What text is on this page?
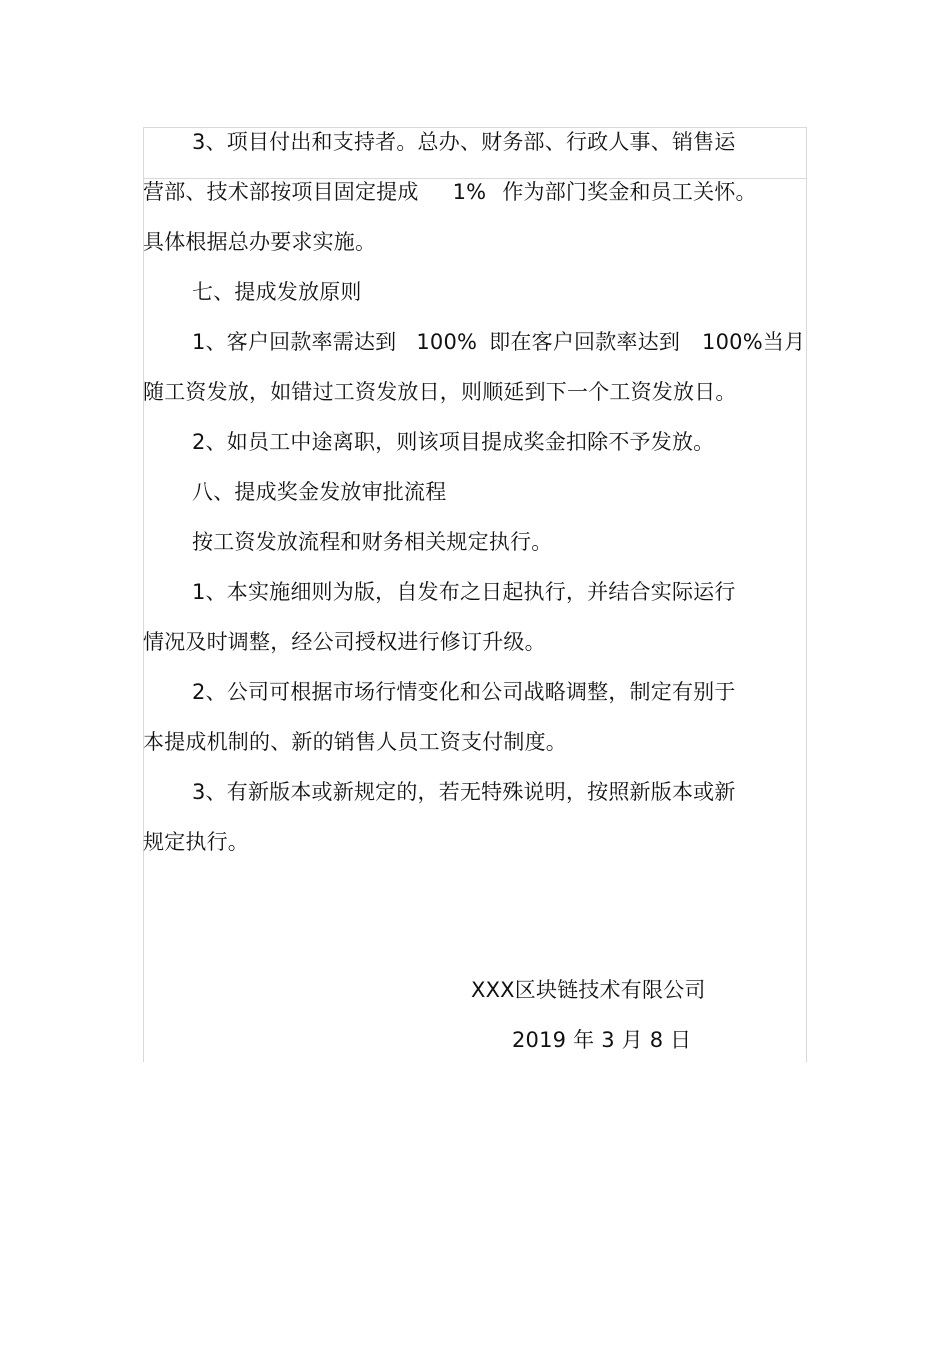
3、项目付出和支持者。总办、财务部、行政人事、销售运
营部、技术部按项目固定提成 1% 作为部门奖金和员工关怀。
具体根据总办要求实施。
七、提成发放原则
1、客户回款率需达到 100% 即在客户回款率达到 100%当月
随工资发放，如错过工资发放日，则顺延到下一个工资发放日。
2、如员工中途离职，则该项目提成奖金扣除不予发放。
八、提成奖金发放审批流程
按工资发放流程和财务相关规定执行。
1、本实施细则为版，自发布之日起执行，并结合实际运行
情况及时调整，经公司授权进行修订升级。
2、公司可根据市场行情变化和公司战略调整，制定有别于
本提成机制的、新的销售人员工资支付制度。
3、有新版本或新规定的，若无特殊说明，按照新版本或新
规定执行。
XXX区块链技术有限公司
2019 年 3 月 8 日
